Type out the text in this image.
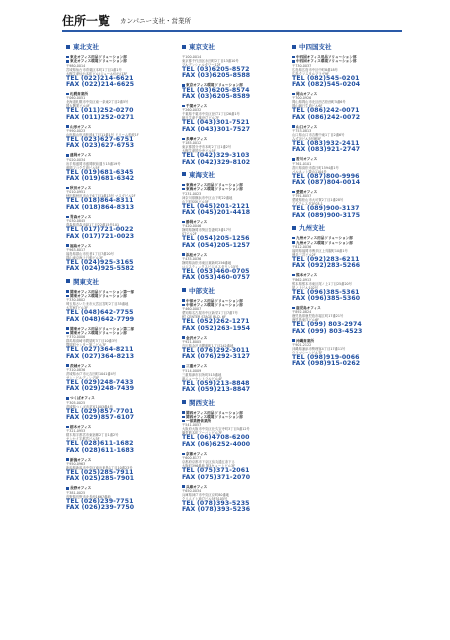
住所一覧 カンパニー支社・営業所
東北支社
東北オフィス用品ソリューション部
東北オフィス環境ソリューション部
〒980-0014
宮城県仙台市青葉区本町1丁目1番1号
大樹生命仙台本町ビル(ジュール仙台)13F
TEL (022)214-6621
FAX (022)214-6625
札幌営業所
〒060-0051
北海道札幌市中央区南一条東2丁目2番5号
国大興業ビル4F
TEL (011)252-0270
FAX (011)252-0271
山形オフィス
〒990-0023
山形県山形市松波4丁目11番1号 ドリーム松波1F
TEL (023)627-6751
FAX (023)627-6753
盛岡オフィス
〒020-0034
岩手県盛岡市盛岡駅前通り15番19号
盛岡フコク生命ビル5F
TEL (019)681-6345
FAX (019)681-6342
秋田オフィス
〒010-0951
秋田県秋田市山王6丁目1番13号 マスダビル2F
TEL (018)864-8311
FAX (018)864-8313
青森オフィス
〒030-0845
青森県青森市緑1丁目22番15号101
TEL (017)721-0022
FAX (017)721-0023
福島オフィス
〒963-8017
福島県郡山市長者1丁目7番20号
郡山東京海上日動ビル3F
TEL (024)925-3165
FAX (024)925-5582
関東支社
関東オフィス用品ソリューション第一部
関東オフィス環境ソリューション部
〒330-0802
埼玉県さいたま市大宮区宮町2丁目35番地
大宮MTビル3F
TEL (048)642-7755
FAX (048)642-7799
関東オフィス用品ソリューション第二部
関東オフィス環境ソリューション部
〒370-0006
群馬県高崎市問屋町3丁目10番3号
問屋町センター第二ビル7F
TEL (027)364-8211
FAX (027)364-8213
茨城オフィス
〒310-0836
茨城県水戸市元吉田町1041番4号
サン・ビルディング5F
TEL (029)248-7433
FAX (029)248-7439
つくばオフィス
〒305-0025
茨城県つくば市花室1003番4号
TEL (029)857-7701
FAX (029)857-6107
栃木オフィス
〒321-0953
栃木県宇都宮市東宿郷2丁目1番2号
ヤンセイ宇都宮ビル3F
TEL (028)611-1682
FAX (028)611-1683
新潟オフィス
〒950-0963
新潟県新潟市中央区南出来島1丁目10番23号
TEL (025)285-7911
FAX (025)285-7901
長野オフィス
〒381-0025
長野県長野市北長池1667番地
TEL (026)239-7751
FAX (026)239-7750
東京支社
〒100-0014
東京都千代田区永田町2丁目13番10号
プルデンシャルタワー12F
TEL (03)6205-8572
FAX (03)6205-8588
東京オフィス環境ソリューション部
TEL (03)6205-8574
FAX (03)6205-8589
千葉オフィス
〒260-0032
千葉県千葉市中央区登戸1丁目26番1号
朝日生命千葉登戸ビル7F
TEL (043)301-7521
FAX (043)301-7527
多摩オフィス
〒185-0012
東京都国分寺市本町2丁目1番2号
大樹生命国分寺ビル5F
TEL (042)329-3103
FAX (042)329-8102
東海支社
東海オフィス用品ソリューション部
東海オフィス環境ソリューション部
〒231-0023
神奈川県横浜市中区山下町22番地
山下町SSKビル5F
TEL (045)201-2121
FAX (045)201-4418
静岡オフィス
〒420-0046
静岡県静岡市葵区吾妻町3番17号
STビル2F
TEL (054)205-1256
FAX (054)205-1257
浜松オフィス
〒435-0036
静岡県浜松市東区薬新町256番地
ロジスティックスビジネスタウン15号
TEL (053)460-0705
FAX (053)460-0757
中部支社
中部オフィス用品ソリューション部
中部オフィス環境ソリューション部
〒460-0007
愛知県名古屋市中区新栄1丁目7番7号
RT CENTER STAGE BLD. 6F
TEL (052)262-1271
FAX (052)263-1954
金沢オフィス
〒921-8005
石川県金沢市間明町1丁目242番地
TEL (076)292-3011
FAX (076)292-3127
三重オフィス
〒514-0009
三重県津市羽所町515番地
津ニューセントラルビル4F
TEL (059)213-8848
FAX (059)213-8847
関西支社
関西オフィス用品ソリューション部
関西オフィス環境ソリューション部
一部業務営業所
〒541-0057
大阪府大阪市中央区北久宝寺町3丁目5番12号
御堂筋本町アーバンビル7F
TEL (06)4708-6200
FAX (06)6252-4000
京都オフィス
〒600-8177
京都府京都市下京区烏丸通五条下る
大阪町396番地 第3キョートビル3F
TEL (075)371-2061
FAX (075)371-2070
兵庫オフィス
〒650-0034
兵庫県神戸市中央区京町80番地
クリエイト神戸ビル5F5105号
TEL (078)393-5235
FAX (078)393-5236
中四国支社
中四国オフィス用品ソリューション部
中四国オフィス環境ソリューション部
〒730-0037
広島県広島市中区中町8番18号
広島クリスタルプラザ9F
TEL (082)545-0201
FAX (082)545-0204
岡山オフィス
〒700-0926
岡山県岡山市北区西古松西町5番6号
岡山朝日生命ビル6F
TEL (086)242-0071
FAX (086)242-0072
山口オフィス
〒753-0813
山口県山口市吉敷中東1丁目2番6号
みずほビル3号館5F
TEL (083)932-2411
FAX (083)921-2747
香川オフィス
〒761-0101
香川県高松市春日町1594番1号
パルネット栗山1104号
TEL (087)800-9996
FAX (087)804-0014
愛媛オフィス
〒791-8057
愛媛県松山市大可賀2丁目1番28号
アイテムスタ2F03-1
TEL (089)900-3137
FAX (089)900-3175
九州支社
九州オフィス用品ソリューション部
九州オフィス環境ソリューション部
〒812-0036
福岡県福岡市博多区上呉服町10番1号
博多三井ビル2F
TEL (092)283-6211
FAX (092)283-5266
熊本オフィス
〒862-0913
熊本県熊本市東区尾ノ上1丁目25番20号
尾ノ上ビル102号
TEL (096)385-5361
FAX (096)385-5360
鹿児島オフィス
〒892-0824
鹿児島県鹿児島市堀江町17番21号
鹿児島東洋ビル6F
TEL (099) 803-2974
FAX (099) 803-4523
沖縄営業所
〒901-2122
沖縄県浦添市勢理客4丁目17番11号
ウラマシーンビル7F
TEL (098)919-0066
FAX (098)915-0262
